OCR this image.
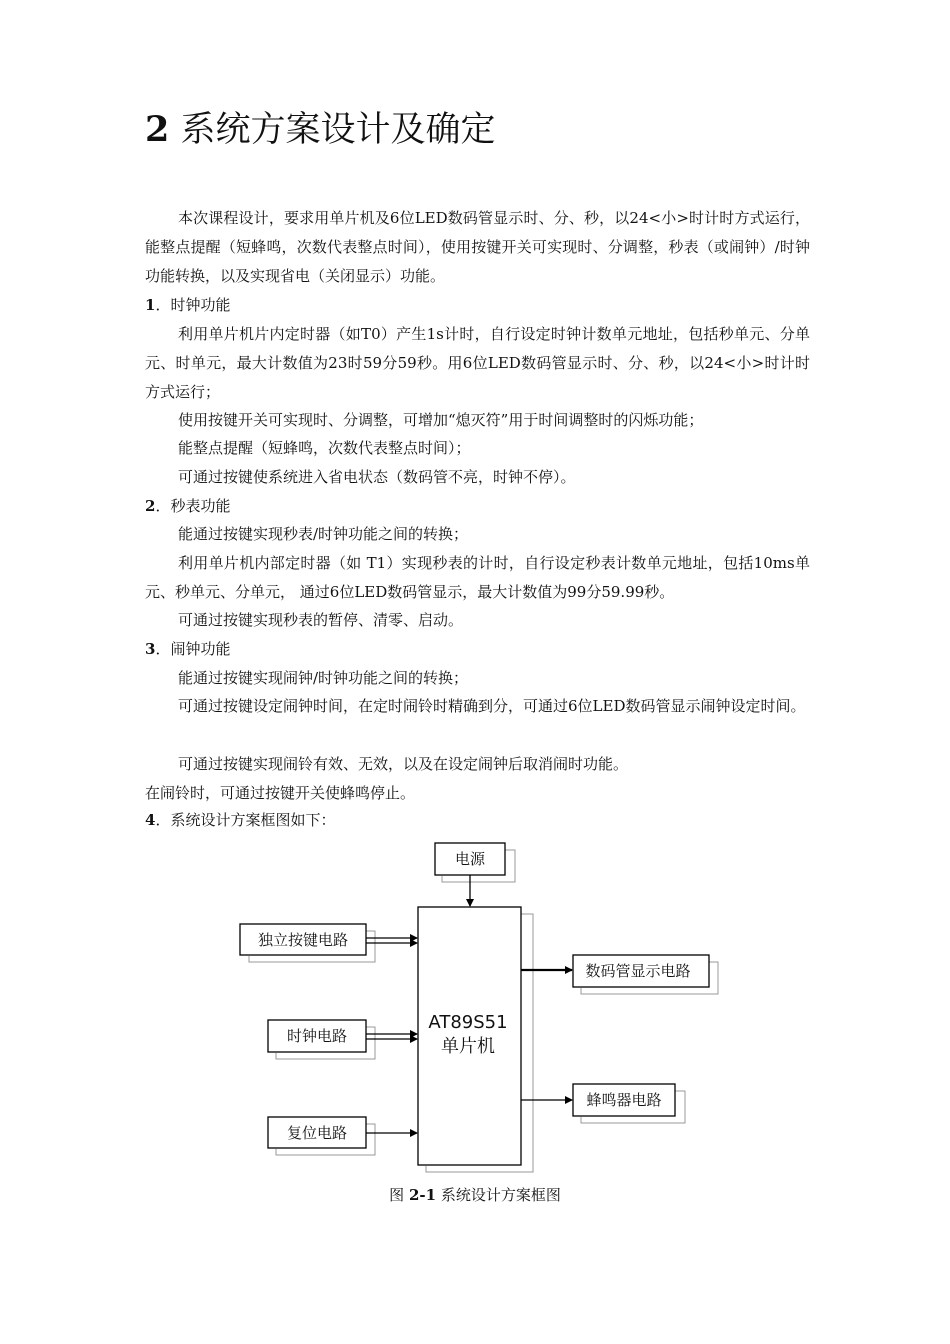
2 系统方案设计及确定

本次课程设计，要求用单片机及6位LED数码管显示时、分、秒，以24<小>时计时方式运行，能整点提醒（短蜂鸣，次数代表整点时间），使用按键开关可实现时、分调整，秒表（或闹钟）/时钟功能转换，以及实现省电（关闭显示）功能。

1．时钟功能

利用单片机片内定时器（如T0）产生1s计时，自行设定时钟计数单元地址，包括秒单元、分单元、时单元，最大计数值为23时59分59秒。用6位LED数码管显示时、分、秒，以24<小>时计时方式运行；

使用按键开关可实现时、分调整，可增加“熄灭符”用于时间调整时的闪烁功能；

能整点提醒（短蜂鸣，次数代表整点时间）；

可通过按键使系统进入省电状态（数码管不亮，时钟不停）。

2．秒表功能

能通过按键实现秒表/时钟功能之间的转换；

利用单片机内部定时器（如 T1）实现秒表的计时，自行设定秒表计数单元地址，包括10ms单元、秒单元、分单元， 通过6位LED数码管显示，最大计数值为99分59.99秒。

可通过按键实现秒表的暂停、清零、启动。

3．闹钟功能

能通过按键实现闹钟/时钟功能之间的转换；

可通过按键设定闹钟时间，在定时闹铃时精确到分，可通过6位LED数码管显示闹钟设定时间。

可通过按键实现闹铃有效、无效，以及在设定闹钟后取消闹时功能。

在闹铃时，可通过按键开关使蜂鸣停止。

4．系统设计方案框图如下：
电源
独立按键电路
时钟电路
复位电路
数码管显示电路
蜂鸣器电路
AT89S51
单片机
图 2-1 系统设计方案框图
